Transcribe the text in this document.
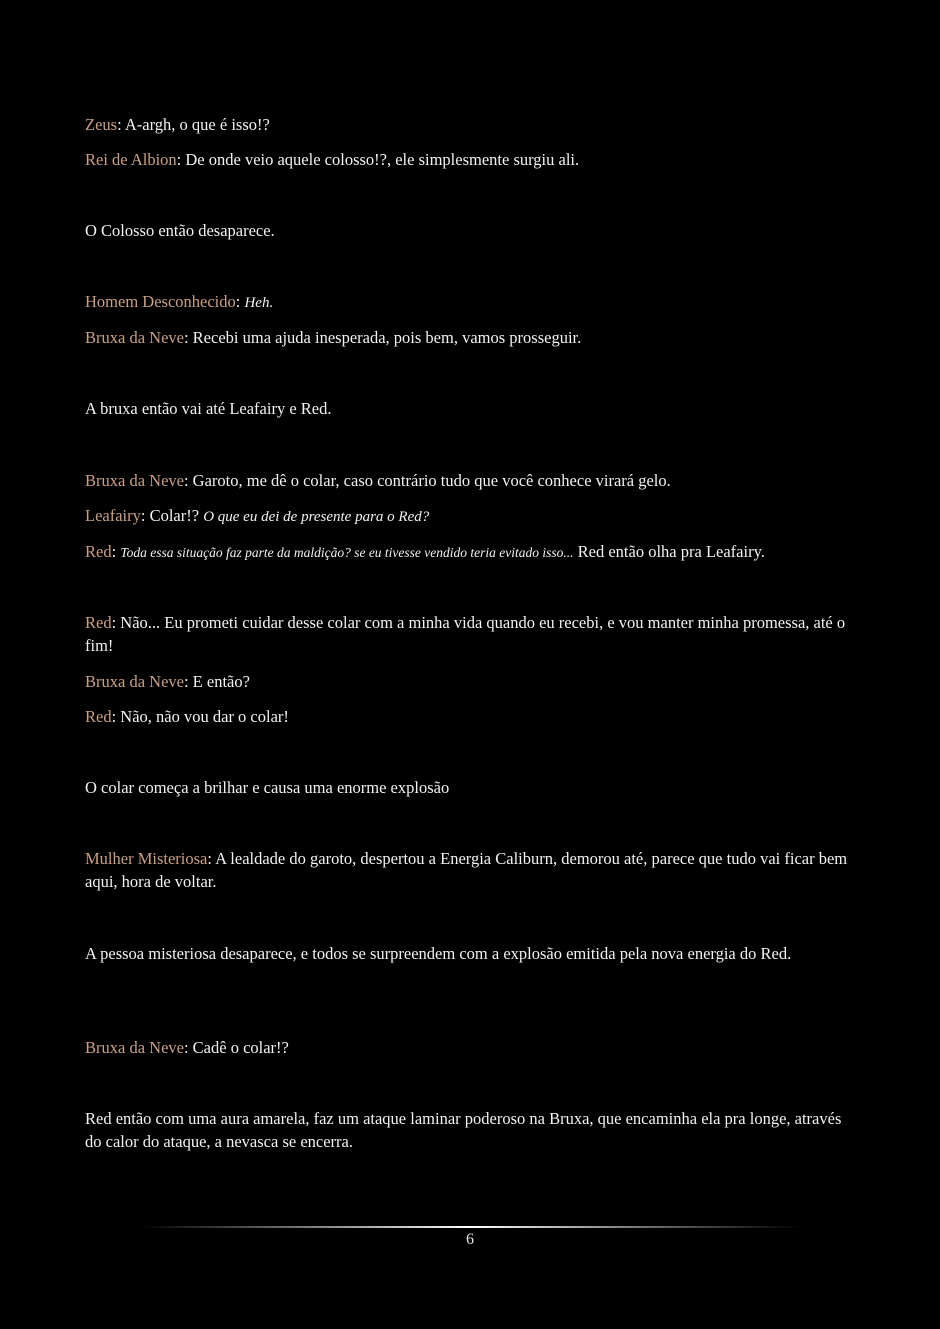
Zeus: A-argh, o que é isso!?

Rei de Albion: De onde veio aquele colosso!?, ele simplesmente surgiu ali.

O Colosso então desaparece.

Homem Desconhecido: Heh.

Bruxa da Neve: Recebi uma ajuda inesperada, pois bem, vamos prosseguir.

A bruxa então vai até Leafairy e Red.

Bruxa da Neve: Garoto, me dê o colar, caso contrário tudo que você conhece virará gelo.

Leafairy: Colar!? O que eu dei de presente para o Red?

Red: Toda essa situação faz parte da maldição? se eu tivesse vendido teria evitado isso... Red então olha pra Leafairy.

Red: Não... Eu prometi cuidar desse colar com a minha vida quando eu recebi, e vou manter minha promessa, até o fim!

Bruxa da Neve: E então?

Red: Não, não vou dar o colar!

O colar começa a brilhar e causa uma enorme explosão

Mulher Misteriosa: A lealdade do garoto, despertou a Energia Caliburn, demorou até, parece que tudo vai ficar bem aqui, hora de voltar.

A pessoa misteriosa desaparece, e todos se surpreendem com a explosão emitida pela nova energia do Red.

Bruxa da Neve: Cadê o colar!?

Red então com uma aura amarela, faz um ataque laminar poderoso na Bruxa, que encaminha ela pra longe, através do calor do ataque, a nevasca se encerra.

6
